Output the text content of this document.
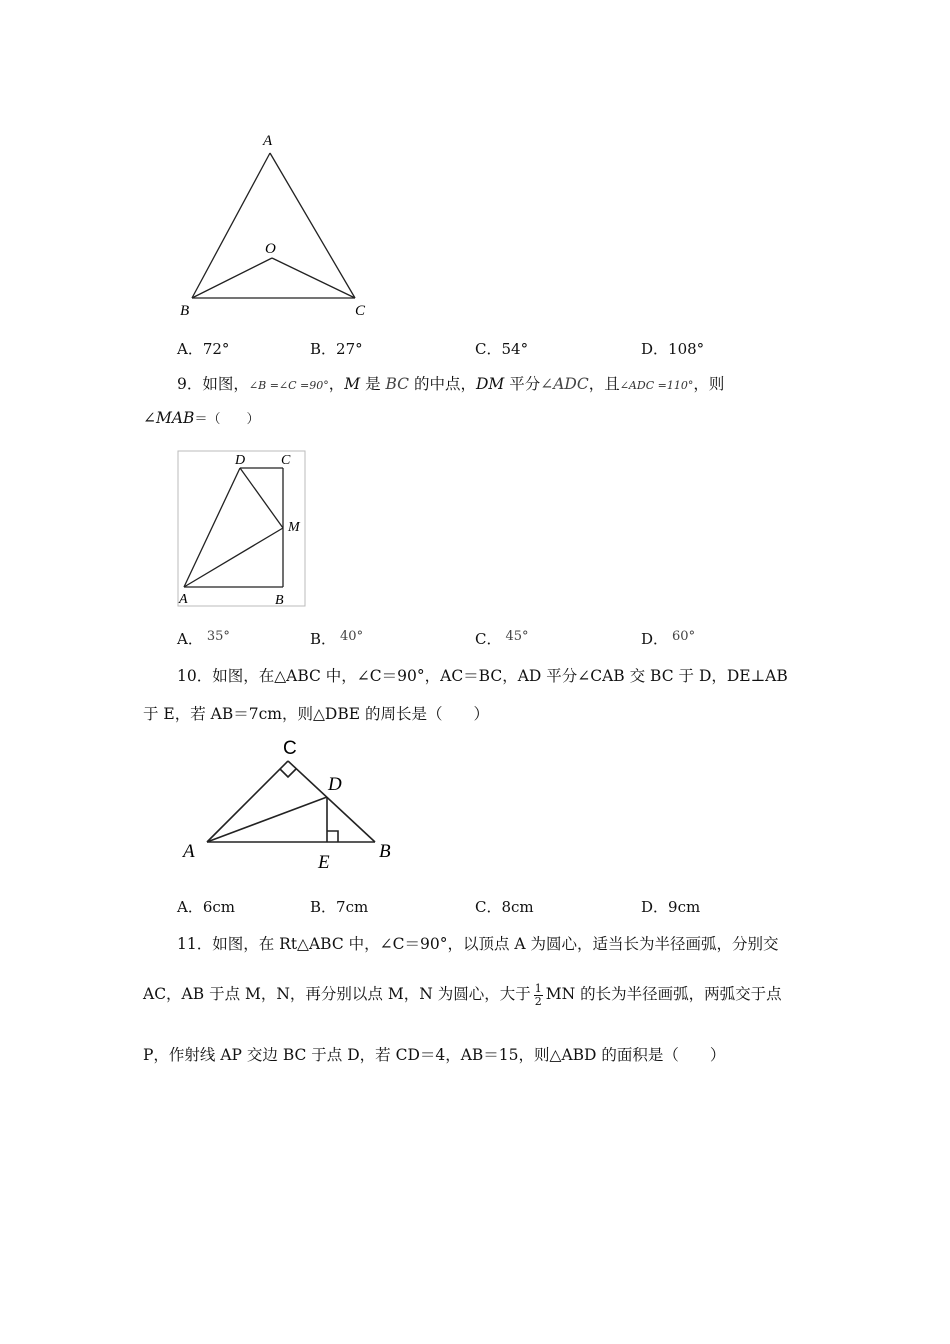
A
O
B	C
A．72°	B．27°	C．54°	D．108°
9．如图，∠B =∠C =90°，M 是 BC 的中点，DM 平分∠ADC，且∠ADC =110°，则
∠MAB＝（　　）
D	C
M
A	B
A． 35°	B． 40°	C． 45°	D． 60°
10．如图，在△ABC 中，∠C＝90°，AC＝BC，AD 平分∠CAB 交 BC 于 D，DE⊥AB
于 E，若 AB＝7cm，则△DBE 的周长是（　　）
C
D
A
E
B
A．6cm	B．7cm	C．8cm	D．9cm
11．如图，在 Rt△ABC 中，∠C＝90°，以顶点 A 为圆心，适当长为半径画弧，分别交
AC，AB 于点 M，N，再分别以点 M，N 为圆心，大于 $\frac{1}{2}$ MN 的长为半径画弧，两弧交于点
P，作射线 AP 交边 BC 于点 D，若 CD＝4，AB＝15，则△ABD 的面积是（　　）
